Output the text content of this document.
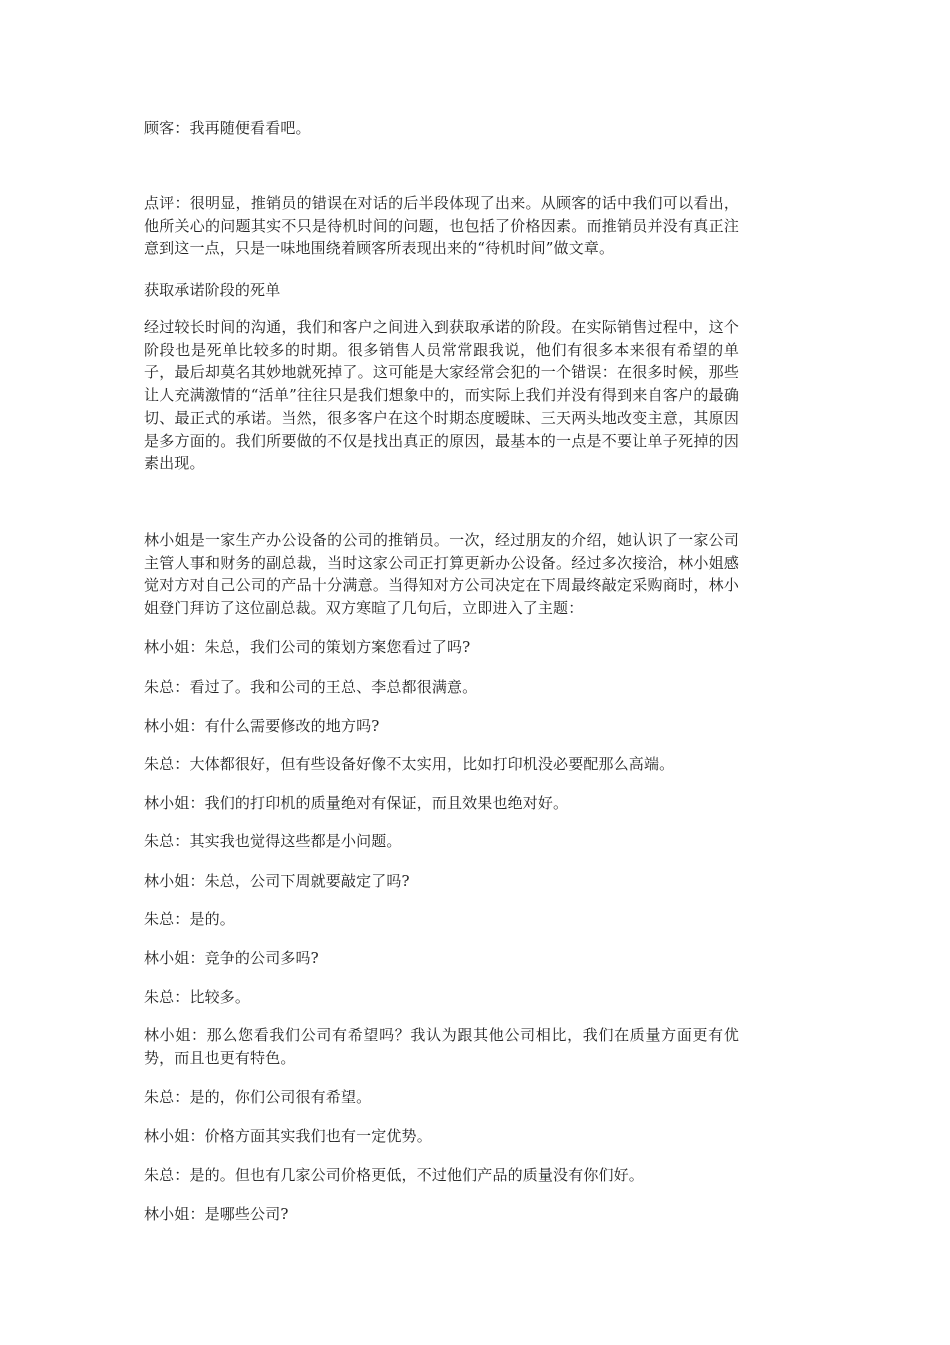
顾客：我再随便看看吧。

点评：很明显，推销员的错误在对话的后半段体现了出来。从顾客的话中我们可以看出，他所关心的问题其实不只是待机时间的问题，也包括了价格因素。而推销员并没有真正注意到这一点，只是一味地围绕着顾客所表现出来的“待机时间”做文章。

获取承诺阶段的死单

经过较长时间的沟通，我们和客户之间进入到获取承诺的阶段。在实际销售过程中，这个阶段也是死单比较多的时期。很多销售人员常常跟我说，他们有很多本来很有希望的单子，最后却莫名其妙地就死掉了。这可能是大家经常会犯的一个错误：在很多时候，那些让人充满激情的“活单”往往只是我们想象中的，而实际上我们并没有得到来自客户的最确切、最正式的承诺。当然，很多客户在这个时期态度暧昧、三天两头地改变主意，其原因是多方面的。我们所要做的不仅是找出真正的原因，最基本的一点是不要让单子死掉的因素出现。

林小姐是一家生产办公设备的公司的推销员。一次，经过朋友的介绍，她认识了一家公司主管人事和财务的副总裁，当时这家公司正打算更新办公设备。经过多次接洽，林小姐感觉对方对自己公司的产品十分满意。当得知对方公司决定在下周最终敲定采购商时，林小姐登门拜访了这位副总裁。双方寒暄了几句后，立即进入了主题：

林小姐：朱总，我们公司的策划方案您看过了吗?

朱总：看过了。我和公司的王总、李总都很满意。

林小姐：有什么需要修改的地方吗?

朱总：大体都很好，但有些设备好像不太实用，比如打印机没必要配那么高端。

林小姐：我们的打印机的质量绝对有保证，而且效果也绝对好。

朱总：其实我也觉得这些都是小问题。

林小姐：朱总，公司下周就要敲定了吗?

朱总：是的。

林小姐：竞争的公司多吗?

朱总：比较多。

林小姐：那么您看我们公司有希望吗？我认为跟其他公司相比，我们在质量方面更有优势，而且也更有特色。

朱总：是的，你们公司很有希望。

林小姐：价格方面其实我们也有一定优势。

朱总：是的。但也有几家公司价格更低，不过他们产品的质量没有你们好。

林小姐：是哪些公司?
